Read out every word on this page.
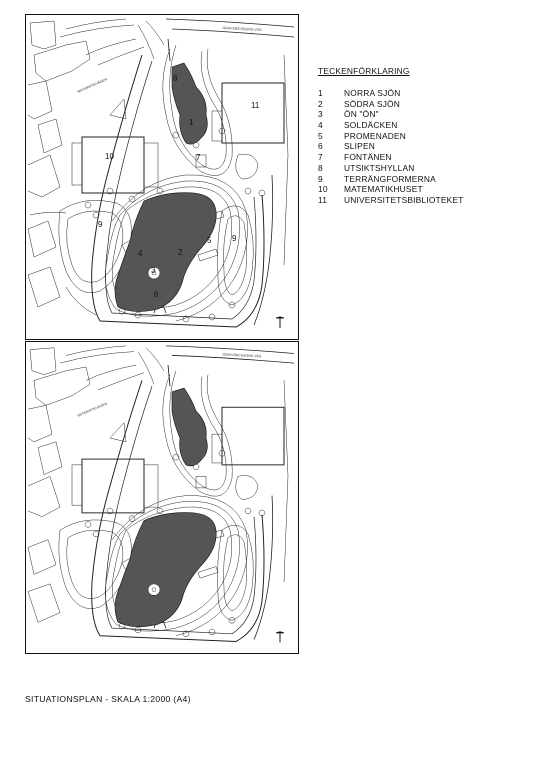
JOHN ERICSSONS VÄG
MATEMATIKVÄGEN
1
2
3
4
5
6
7
8
9
9
10
11
JOHN ERICSSONS VÄG
MATEMATIKVÄGEN
TECKENFÖRKLARING
1	NORRA SJÖN
2	SÖDRA SJÖN
3	ÖN "ÖN"
4	SOLDÄCKEN
5	PROMENADEN
6	SLIPEN
7	FONTÄNEN
8	UTSIKTSHYLLAN
9	TERRÄNGFORMERNA
10	MATEMATIKHUSET
11	UNIVERSITETSBIBLIOTEKET
SITUATIONSPLAN - SKALA 1:2000 (A4)
